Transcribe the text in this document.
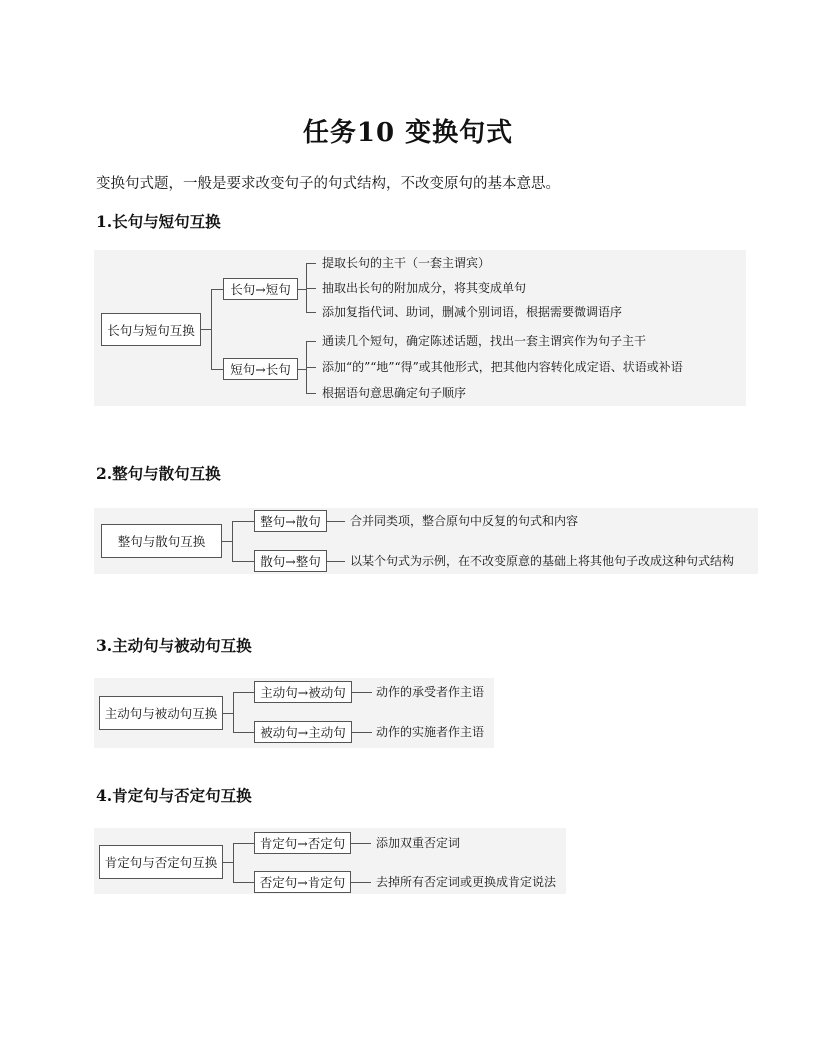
任务10 变换句式
变换句式题，一般是要求改变句子的句式结构，不改变原句的基本意思。
1.长句与短句互换
长句与短句互换
长句→短句
短句→长句
提取长句的主干（一套主谓宾）
抽取出长句的附加成分，将其变成单句
添加复指代词、助词，删减个别词语，根据需要微调语序
通读几个短句，确定陈述话题，找出一套主谓宾作为句子主干
添加“的”“地”“得”或其他形式，把其他内容转化成定语、状语或补语
根据语句意思确定句子顺序
2.整句与散句互换
整句与散句互换
整句→散句
散句→整句
合并同类项，整合原句中反复的句式和内容
以某个句式为示例，在不改变原意的基础上将其他句子改成这种句式结构
3.主动句与被动句互换
主动句与被动句互换
主动句→被动句
被动句→主动句
动作的承受者作主语
动作的实施者作主语
4.肯定句与否定句互换
肯定句与否定句互换
肯定句→否定句
否定句→肯定句
添加双重否定词
去掉所有否定词或更换成肯定说法
